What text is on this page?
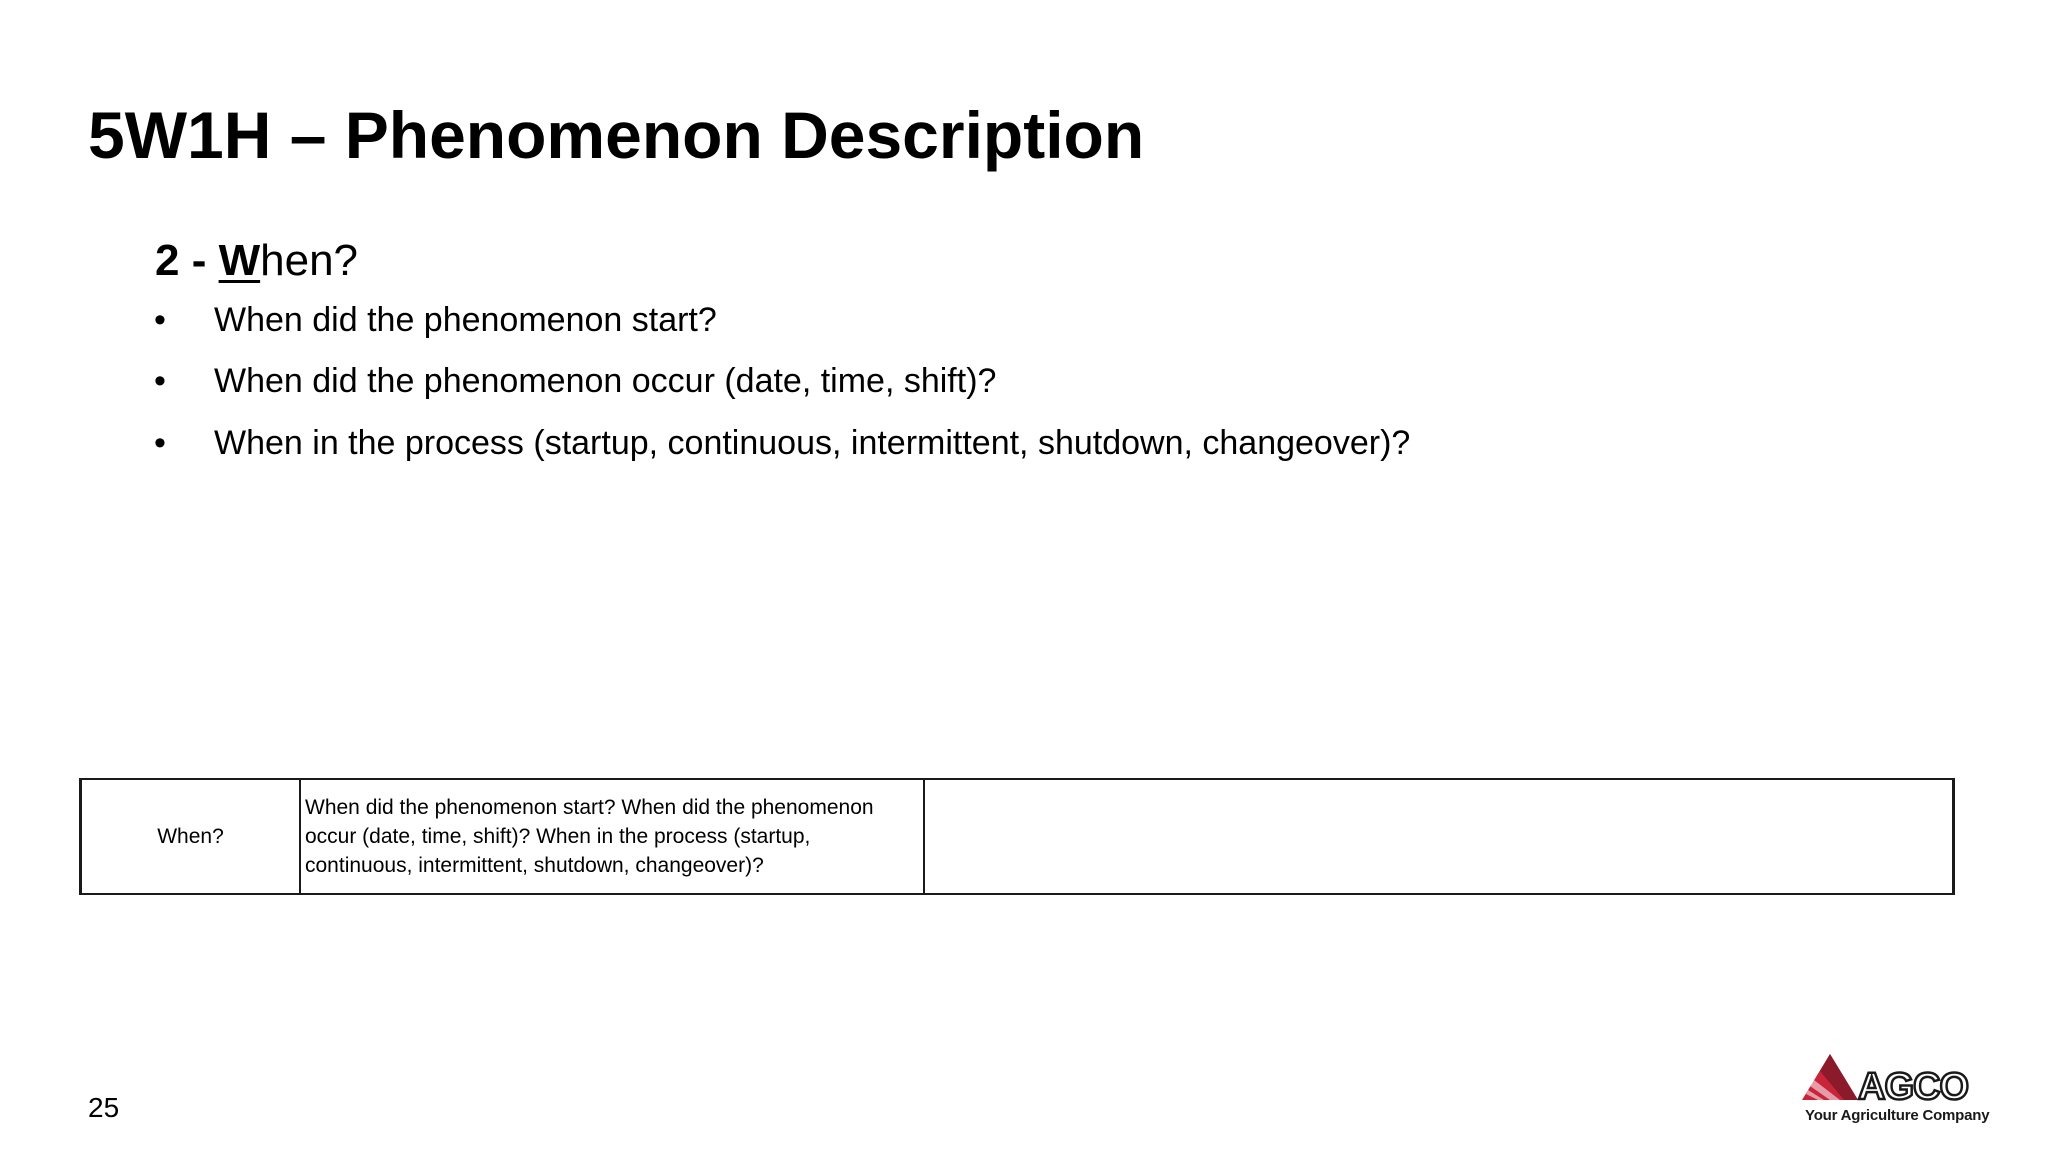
5W1H – Phenomenon Description
2 - When?
• When did the phenomenon start?
• When did the phenomenon occur (date, time, shift)?
• When in the process (startup, continuous, intermittent, shutdown, changeover)?
When?
When did the phenomenon start? When did the phenomenon occur (date, time, shift)? When in the process (startup, continuous, intermittent, shutdown, changeover)?
25	AGCO
Your Agriculture Company
